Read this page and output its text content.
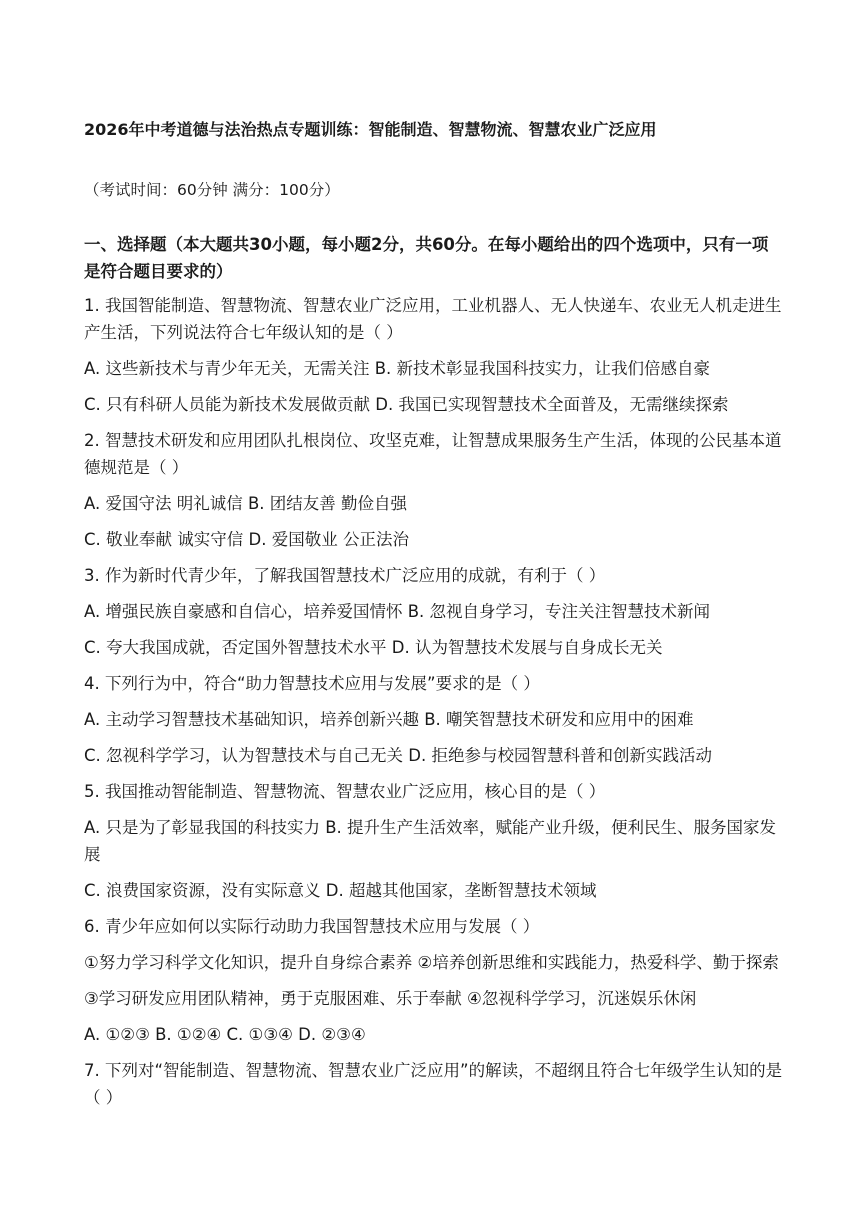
2026年中考道德与法治热点专题训练：智能制造、智慧物流、智慧农业广泛应用
（考试时间：60分钟 满分：100分）
一、选择题（本大题共30小题，每小题2分，共60分。在每小题给出的四个选项中，只有一项是符合题目要求的）

1. 我国智能制造、智慧物流、智慧农业广泛应用，工业机器人、无人快递车、农业无人机走进生产生活，下列说法符合七年级认知的是（ ）

A. 这些新技术与青少年无关，无需关注 B. 新技术彰显我国科技实力，让我们倍感自豪

C. 只有科研人员能为新技术发展做贡献 D. 我国已实现智慧技术全面普及，无需继续探索

2. 智慧技术研发和应用团队扎根岗位、攻坚克难，让智慧成果服务生产生活，体现的公民基本道德规范是（ ）

A. 爱国守法 明礼诚信 B. 团结友善 勤俭自强

C. 敬业奉献 诚实守信 D. 爱国敬业 公正法治

3. 作为新时代青少年，了解我国智慧技术广泛应用的成就，有利于（ ）

A. 增强民族自豪感和自信心，培养爱国情怀 B. 忽视自身学习，专注关注智慧技术新闻

C. 夸大我国成就，否定国外智慧技术水平 D. 认为智慧技术发展与自身成长无关

4. 下列行为中，符合“助力智慧技术应用与发展”要求的是（ ）

A. 主动学习智慧技术基础知识，培养创新兴趣 B. 嘲笑智慧技术研发和应用中的困难

C. 忽视科学学习，认为智慧技术与自己无关 D. 拒绝参与校园智慧科普和创新实践活动

5. 我国推动智能制造、智慧物流、智慧农业广泛应用，核心目的是（ ）

A. 只是为了彰显我国的科技实力 B. 提升生产生活效率，赋能产业升级，便利民生、服务国家发展

C. 浪费国家资源，没有实际意义 D. 超越其他国家，垄断智慧技术领域

6. 青少年应如何以实际行动助力我国智慧技术应用与发展（ ）

①努力学习科学文化知识，提升自身综合素养 ②培养创新思维和实践能力，热爱科学、勤于探索

③学习研发应用团队精神，勇于克服困难、乐于奉献 ④忽视科学学习，沉迷娱乐休闲

A. ①②③ B. ①②④ C. ①③④ D. ②③④

7. 下列对“智能制造、智慧物流、智慧农业广泛应用”的解读，不超纲且符合七年级学生认知的是（ ）
